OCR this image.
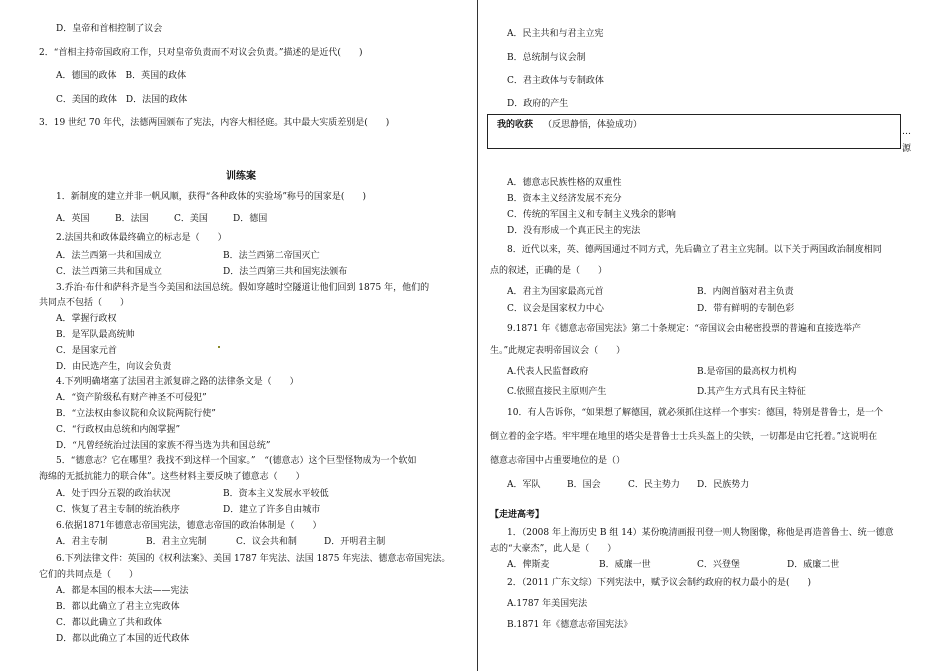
D．皇帝和首相控制了议会
2．“首相主持帝国政府工作，只对皇帝负责而不对议会负责。”描述的是近代(　　)
A．德国的政体　B．英国的政体
C．美国的政体　D．法国的政体
3．19 世纪 70 年代，法德两国颁布了宪法，内容大相径庭。其中最大实质差别是(　　)
训练案
1．新制度的建立并非一帆风顺，获得“各种政体的实验场”称号的国家是(　　)
A．英国	B．法国	C．美国	D．德国
2.法国共和政体最终确立的标志是（　　）
A．法兰西第一共和国成立	B．法兰西第二帝国灭亡
C．法兰西第三共和国成立	D．法兰西第三共和国宪法颁布
3.乔治·布什和萨科齐是当今美国和法国总统。假如穿越时空隧道让他们回到 1875 年，他们的
共同点不包括（　　）
A．掌握行政权
B．是军队最高统帅
C．是国家元首
D．由民选产生，向议会负责
4.下列明确堵塞了法国君主派复辟之路的法律条文是（　　）
A．“资产阶级私有财产神圣不可侵犯”
B．“立法权由参议院和众议院两院行使”
C．“行政权由总统和内阁掌握”
D．“凡曾经统治过法国的家族不得当选为共和国总统”
5．“德意志？它在哪里？我找不到这样一个国家。”　“(德意志）这个巨型怪物成为一个软如
海绵的无抵抗能力的联合体”。这些材料主要反映了德意志（　　）
A．处于四分五裂的政治状况	B．资本主义发展水平较低
C．恢复了君主专制的统治秩序	D．建立了许多自由城市
6.依据1871年德意志帝国宪法，德意志帝国的政治体制是（　　）
A．君主专制	B．君主立宪制	C．议会共和制	D．开明君主制
6.下列法律文件：英国的《权利法案》、美国 1787 年宪法、法国 1875 年宪法、德意志帝国宪法。
它们的共同点是（　　）
A．都是本国的根本大法——宪法
B．都以此确立了君主立宪政体
C．都以此确立了共和政体
D．都以此确立了本国的近代政体
A．民主共和与君主立宪
B．总统制与议会制
C．君主政体与专制政体
D．政府的产生
我的收获 （反思静悟，体验成功）
…
源
A．德意志民族性格的双重性
B．资本主义经济发展不充分
C．传统的军国主义和专制主义残余的影响
D．没有形成一个真正民主的宪法
8．近代以来，英、德两国通过不同方式，先后确立了君主立宪制。以下关于两国政治制度相同
点的叙述，正确的是（　　）
A．君主为国家最高元首	B．内阁首脑对君主负责
C．议会是国家权力中心	D．带有鲜明的专制色彩
9.1871 年《德意志帝国宪法》第二十条规定：“帝国议会由秘密投票的普遍和直接选举产
生。”此规定表明帝国议会（　　）
A.代表人民监督政府	B.是帝国的最高权力机构
C.依照直接民主原则产生	D.其产生方式具有民主特征
10．有人告诉你，“如果想了解德国，就必须抓住这样一个事实：德国，特别是普鲁士，是一个
倒立着的金字塔。牢牢埋在地里的塔尖是普鲁士士兵头盔上的尖铁，一切都是由它托着。”这说明在
德意志帝国中占重要地位的是（）
A．军队	B．国会	C．民主势力 D．民族势力
【走进高考】
1．（2008 年上海历史 B 组 14）某份晚清画报刊登一则人物图像，称他是再造普鲁士、统一德意
志的“大豪杰”，此人是（　　）
A．俾斯麦	B．威廉一世	C．兴登堡	D．威廉二世
2．（2011 广东文综）下列宪法中，赋予议会制约政府的权力最小的是(　　)
A.1787 年美国宪法
B.1871 年《德意志帝国宪法》
